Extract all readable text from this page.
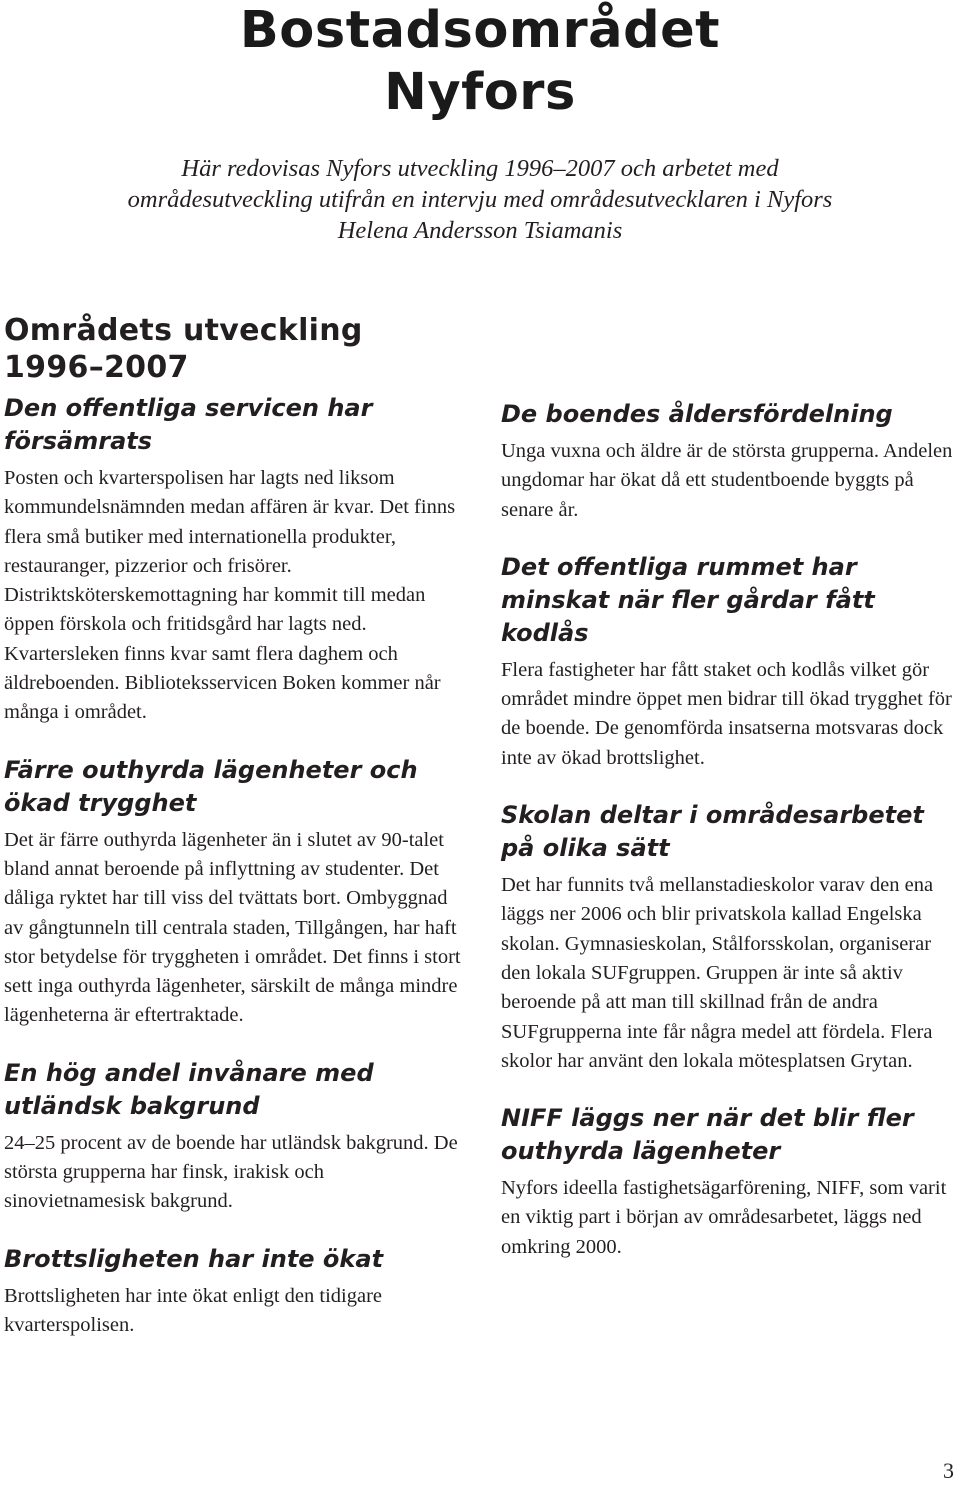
Bostadsområdet
Nyfors

Här redovisas Nyfors utveckling 1996–2007 och arbetet med områdesutveckling utifrån en intervju med områdesutvecklaren i Nyfors Helena Andersson Tsiamanis

Områdets utveckling 1996–2007
Den offentliga servicen har försämrats

Posten och kvarterspolisen har lagts ned liksom kommundelsnämnden medan affären är kvar. Det finns flera små butiker med internationella produkter, restauranger, pizzerior och frisörer. Distriktsköterskemottagning har kommit till medan öppen förskola och fritidsgård har lagts ned. Kvartersleken finns kvar samt flera daghem och äldreboenden. Biblioteksservicen Boken kommer når många i området.

Färre outhyrda lägenheter och ökad trygghet

Det är färre outhyrda lägenheter än i slutet av 90-talet bland annat beroende på inflyttning av studenter. Det dåliga ryktet har till viss del tvättats bort. Ombyggnad av gångtunneln till centrala staden, Tillgången, har haft stor betydelse för tryggheten i området. Det finns i stort sett inga outhyrda lägenheter, särskilt de många mindre lägenheterna är eftertraktade.

En hög andel invånare med utländsk bakgrund

24–25 procent av de boende har utländsk bakgrund. De största grupperna har finsk, irakisk och sinovietnamesisk bakgrund.

Brottsligheten har inte ökat

Brottsligheten har inte ökat enligt den tidigare kvarterspolisen.

De boendes åldersfördelning

Unga vuxna och äldre är de största grupperna. Andelen ungdomar har ökat då ett studentboende byggts på senare år.

Det offentliga rummet har minskat när fler gårdar fått kodlås

Flera fastigheter har fått staket och kodlås vilket gör området mindre öppet men bidrar till ökad trygghet för de boende. De genomförda insatserna motsvaras dock inte av ökad brottslighet.

Skolan deltar i områdesarbetet på olika sätt

Det har funnits två mellanstadieskolor varav den ena läggs ner 2006 och blir privatskola kallad Engelska skolan. Gymnasieskolan, Stålforsskolan, organiserar den lokala SUFgruppen. Gruppen är inte så aktiv beroende på att man till skillnad från de andra SUFgrupperna inte får några medel att fördela. Flera skolor har använt den lokala mötesplatsen Grytan.

NIFF läggs ner när det blir fler outhyrda lägenheter

Nyfors ideella fastighetsägarförening, NIFF, som varit en viktig part i början av områdesarbetet, läggs ned omkring 2000.

3
